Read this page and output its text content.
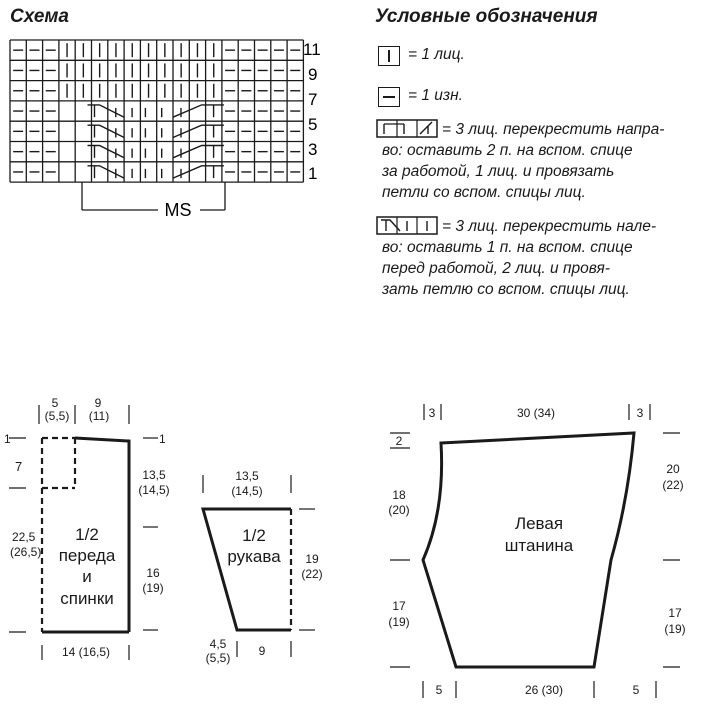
Схема
MS
11
9
7
5
3
1
Условные обозначения
= 1 лиц.
= 1 изн.
= 3 лиц. перекрестить напра-
во: оставить 2 п. на вспом. спице
за работой, 1 лиц. и провязать
петли со вспом. спицы лиц.
= 3 лиц. перекрестить нале-
во: оставить 1 п. на вспом. спице
перед работой, 2 лиц. и провя-
зать петлю со вспом. спицы лиц.
5
(5,5)
9
(11)
1	1
7
22,5
(26,5)
13,5
(14,5)
16
(19)
14 (16,5)
1/2
переда
и
спинки
13,5
(14,5)
19
(22)
4,5
(5,5) 9
1/2
рукава
3	30 (34)	3
2
18
(20)
17
(19)
20
(22)
17
(19)
5	26 (30)	5
Левая
штанина
